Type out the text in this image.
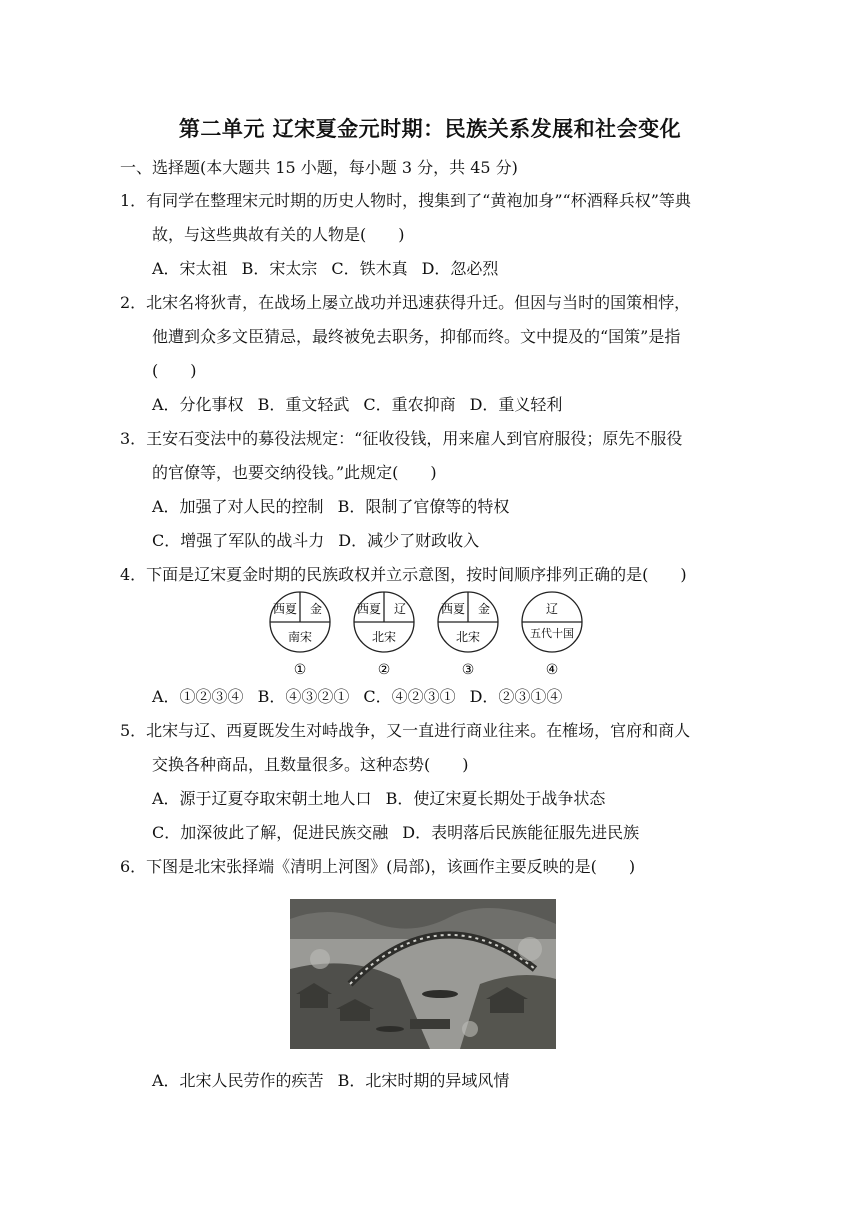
第二单元 辽宋夏金元时期：民族关系发展和社会变化
一、选择题(本大题共 15 小题，每小题 3 分，共 45 分)
1．有同学在整理宋元时期的历史人物时，搜集到了“黄袍加身”“杯酒释兵权”等典
故，与这些典故有关的人物是(　　)
A．宋太祖 B．宋太宗 C．铁木真 D．忽必烈
2．北宋名将狄青，在战场上屡立战功并迅速获得升迁。但因与当时的国策相悖，
他遭到众多文臣猜忌，最终被免去职务，抑郁而终。文中提及的“国策”是指
(　　)
A．分化事权 B．重文轻武 C．重农抑商 D．重义轻利
3．王安石变法中的募役法规定：“征收役钱，用来雇人到官府服役；原先不服役
的官僚等，也要交纳役钱。”此规定(　　)
A．加强了对人民的控制 B．限制了官僚等的特权
C．增强了军队的战斗力 D．减少了财政收入
4．下面是辽宋夏金时期的民族政权并立示意图，按时间顺序排列正确的是(　　)
西夏 金
南宋
①
西夏 辽
北宋
②
西夏 金
北宋
③
辽
五代十国
④
A．①②③④ B．④③②① C．④②③① D．②③①④
5．北宋与辽、西夏既发生对峙战争，又一直进行商业往来。在榷场，官府和商人
交换各种商品，且数量很多。这种态势(　　)
A．源于辽夏夺取宋朝土地人口 B．使辽宋夏长期处于战争状态
C．加深彼此了解，促进民族交融 D．表明落后民族能征服先进民族
6．下图是北宋张择端《清明上河图》(局部)，该画作主要反映的是(　　)
A．北宋人民劳作的疾苦 B．北宋时期的异域风情
